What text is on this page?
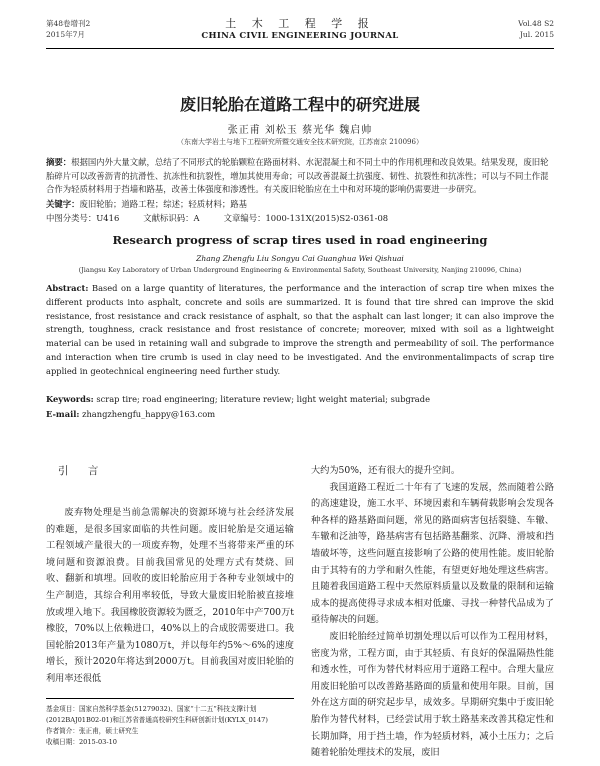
第48卷增刊2
2015年7月
土 木 工 程 学 报
CHINA CIVIL ENGINEERING JOURNAL
Vol.48 S2
Jul. 2015
废旧轮胎在道路工程中的研究进展
张正甫 刘松玉 蔡光华 魏启帅
（东南大学岩土与地下工程研究所暨交通安全技术研究院，江苏南京 210096）
摘要：根据国内外大量文献，总结了不同形式的轮胎颗粒在路面材料、水泥混凝土和不同土中的作用机理和改良效果。结果发现，废旧轮胎碎片可以改善沥青的抗滑性、抗冻性和抗裂性，增加其使用寿命；可以改善混凝土抗强度、韧性、抗裂性和抗冻性；可以与不同土作混合作为轻质材料用于挡墙和路基，改善土体强度和渗透性。有关废旧轮胎应在土中和对环境的影响仍需要进一步研究。
关键字：废旧轮胎；道路工程；综述；轻质材料；路基
中图分类号：U416	文献标识码：A	文章编号：1000-131X(2015)S2-0361-08
Research progress of scrap tires used in road engineering
Zhang Zhengfu Liu Songyu Cai Guanghua Wei Qishuai
(Jiangsu Key Laboratory of Urban Underground Engineering & Environmental Safety, Southeast University, Nanjing 210096, China)
Abstract: Based on a large quantity of literatures, the performance and the interaction of scrap tire when mixes the different products into asphalt, concrete and soils are summarized. It is found that tire shred can improve the skid resistance, frost resistance and crack resistance of asphalt, so that the asphalt can last longer; it can also improve the strength, toughness, crack resistance and frost resistance of concrete; moreover, mixed with soil as a lightweight material can be used in retaining wall and subgrade to improve the strength and permeability of soil. The performance and interaction when tire crumb is used in clay need to be investigated. And the environmentalimpacts of scrap tire applied in geotechnical engineering need further study.
Keywords: scrap tire; road engineering; literature review; light weight material; subgrade
E-mail: zhangzhengfu_happy@163.com
引 言

废弃物处理是当前急需解决的资源环境与社会经济发展的难题，是很多国家面临的共性问题。废旧轮胎是交通运输工程领域产量很大的一项废弃物，处理不当将带来严重的环境问题和资源浪费。目前我国常见的处理方式有焚烧、回收、翻新和填埋。回收的废旧轮胎应用于各种专业领域中的生产制造，其综合利用率较低，导致大量废旧轮胎被直接堆放或埋入地下。我国橡胶资源较为匮乏，2010年中产700万t橡胶，70%以上依赖进口，40%以上的合成胶需要进口。我国轮胎2013年产量为1080万t，并以每年约5%～6%的速度增长，预计2020年将达到2000万t。目前我国对废旧轮胎的利用率还很低

大约为50%，还有很大的提升空间。

我国道路工程近二十年有了飞速的发展，然而随着公路的高速建设，施工水平、环境因素和车辆荷载影响会发现各种各样的路基路面问题，常见的路面病害包括裂缝、车辙、车辙和泛油等，路基病害有包括路基翻浆、沉降、滑坡和挡墙破坏等，这些问题直接影响了公路的使用性能。废旧轮胎由于其特有的力学和耐久性能，有望更好地处理这些病害。且随着我国道路工程中天然原料质量以及数量的限制和运输成本的提高使得寻求成本相对低廉、寻找一种替代品成为了亟待解决的问题。

废旧轮胎经过简单切割处理以后可以作为工程用材料，密度为常，工程方面，由于其轻质、有良好的保温隔热性能和透水性，可作为替代材料应用于道路工程中。合理大量应用废旧轮胎可以改善路基路面的质量和使用年限。目前，国外在这方面的研究起步早，成效多。早期研究集中于废旧轮胎作为替代材料，已经尝试用于软土路基来改善其稳定性和长期加降，用于挡土墙，作为轻质材料，减小土压力；之后随着轮胎处理技术的发展，废旧

基金项目：国家自然科学基金(51279032)、国家“十二五”科技支撑计划(2012BAJ01B02-01)和江苏省普通高校研究生科研创新计划(KYLX_0147)
作者简介：张正甫，硕士研究生
收稿日期：2015-03-10
